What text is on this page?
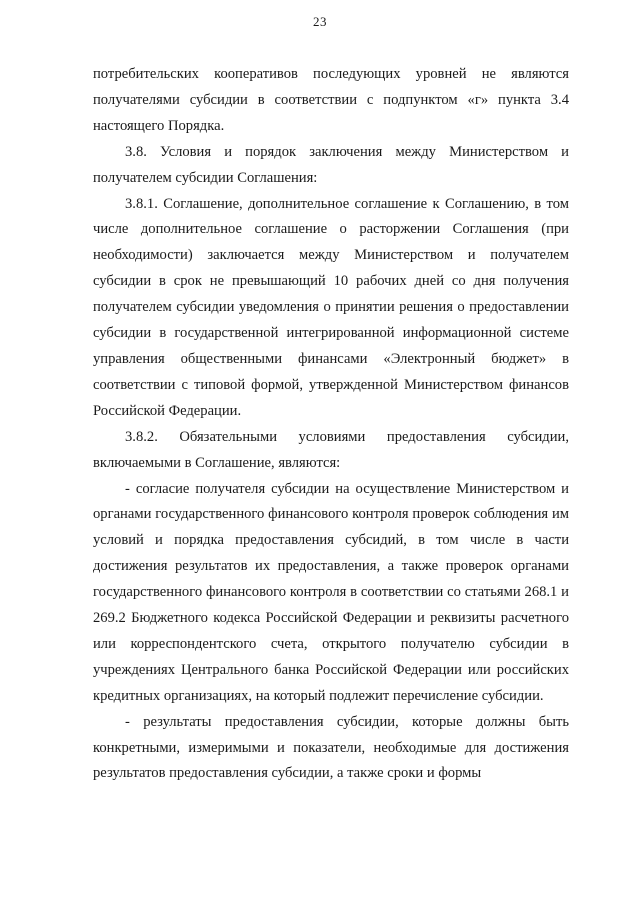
23

потребительских кооперативов последующих уровней не являются получателями субсидии в соответствии с подпунктом «г» пункта 3.4 настоящего Порядка.

3.8. Условия и порядок заключения между Министерством и получателем субсидии Соглашения:

3.8.1. Соглашение, дополнительное соглашение к Соглашению, в том числе дополнительное соглашение о расторжении Соглашения (при необходимости) заключается между Министерством и получателем субсидии в срок не превышающий 10 рабочих дней со дня получения получателем субсидии уведомления о принятии решения о предоставлении субсидии в государственной интегрированной информационной системе управления общественными финансами «Электронный бюджет» в соответствии с типовой формой, утвержденной Министерством финансов Российской Федерации.

3.8.2. Обязательными условиями предоставления субсидии, включаемыми в Соглашение, являются:

- согласие получателя субсидии на осуществление Министерством и органами государственного финансового контроля проверок соблюдения им условий и порядка предоставления субсидий, в том числе в части достижения результатов их предоставления, а также проверок органами государственного финансового контроля в соответствии со статьями 268.1 и 269.2 Бюджетного кодекса Российской Федерации и реквизиты расчетного или корреспондентского счета, открытого получателю субсидии в учреждениях Центрального банка Российской Федерации или российских кредитных организациях, на который подлежит перечисление субсидии.

- результаты предоставления субсидии, которые должны быть конкретными, измеримыми и показатели, необходимые для достижения результатов предоставления субсидии, а также сроки и формы
